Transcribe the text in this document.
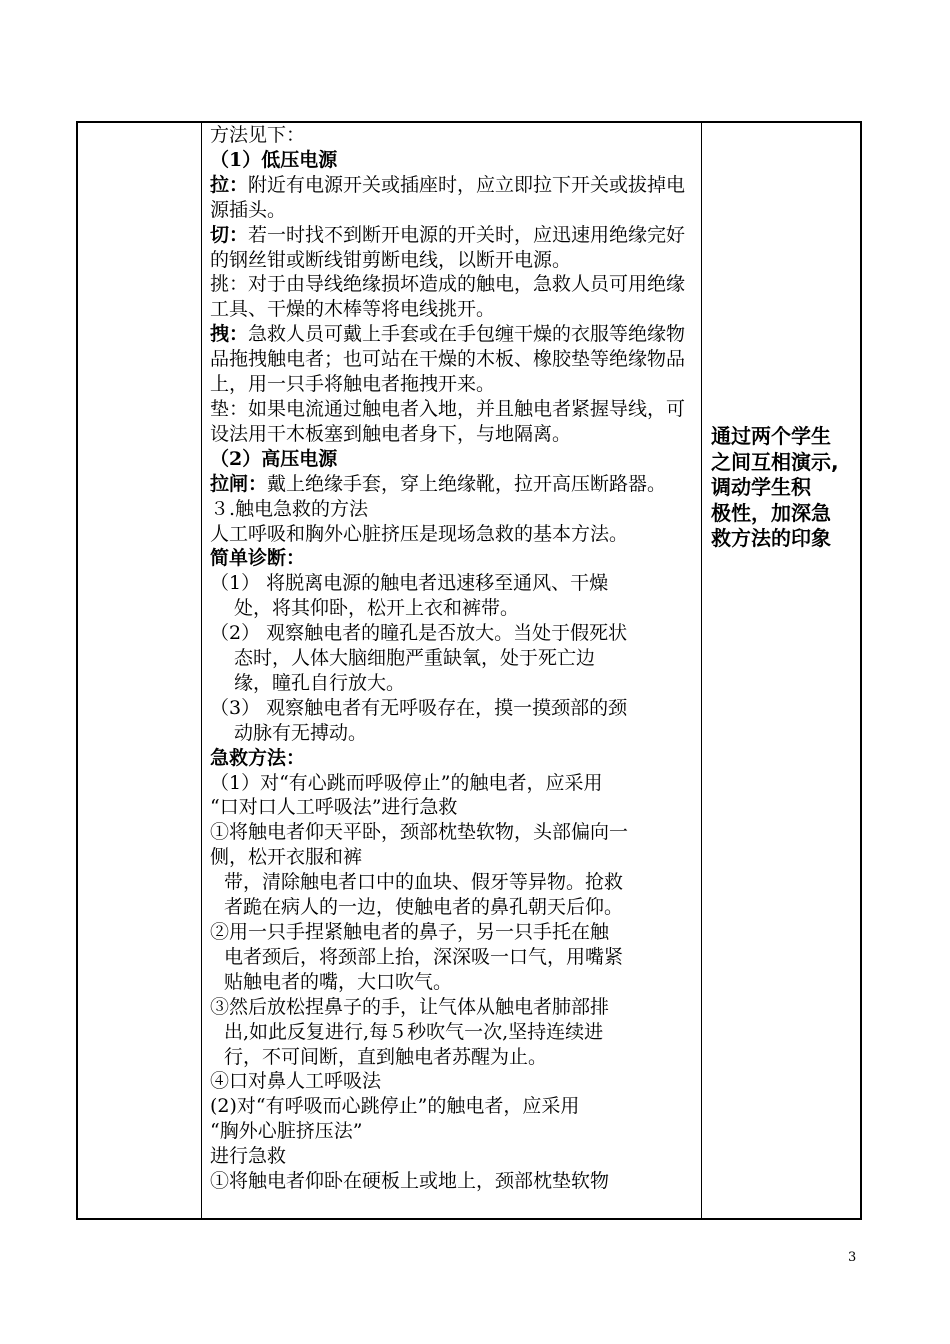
方法见下：

（1）低压电源

拉：附近有电源开关或插座时，应立即拉下开关或拔掉电源插头。

切：若一时找不到断开电源的开关时，应迅速用绝缘完好的钢丝钳或断线钳剪断电线，以断开电源。

挑：对于由导线绝缘损坏造成的触电，急救人员可用绝缘工具、干燥的木棒等将电线挑开。

拽：急救人员可戴上手套或在手包缠干燥的衣服等绝缘物品拖拽触电者；也可站在干燥的木板、橡胶垫等绝缘物品上，用一只手将触电者拖拽开来。

垫：如果电流通过触电者入地，并且触电者紧握导线，可设法用干木板塞到触电者身下，与地隔离。

（2）高压电源

拉闸：戴上绝缘手套，穿上绝缘靴，拉开高压断路器。

３.触电急救的方法

人工呼吸和胸外心脏挤压是现场急救的基本方法。

简单诊断：

（1） 将脱离电源的触电者迅速移至通风、干燥

处，将其仰卧，松开上衣和裤带。

（2） 观察触电者的瞳孔是否放大。当处于假死状

态时，人体大脑细胞严重缺氧，处于死亡边

缘，瞳孔自行放大。

（3） 观察触电者有无呼吸存在，摸一摸颈部的颈

动脉有无搏动。

急救方法：

（1）对“有心跳而呼吸停止”的触电者，应采用

“口对口人工呼吸法”进行急救

①将触电者仰天平卧，颈部枕垫软物，头部偏向一

侧，松开衣服和裤

带，清除触电者口中的血块、假牙等异物。抢救

者跪在病人的一边，使触电者的鼻孔朝天后仰。

②用一只手捏紧触电者的鼻子，另一只手托在触

电者颈后，将颈部上抬，深深吸一口气，用嘴紧

贴触电者的嘴，大口吹气。

③然后放松捏鼻子的手，让气体从触电者肺部排

出,如此反复进行,每５秒吹气一次,坚持连续进

行，不可间断，直到触电者苏醒为止。

④口对鼻人工呼吸法

(2)对“有呼吸而心跳停止”的触电者，应采用

“胸外心脏挤压法”

进行急救

①将触电者仰卧在硬板上或地上，颈部枕垫软物

通过两个学生

之间互相演示,

调动学生积

极性，加深急

救方法的印象

3
